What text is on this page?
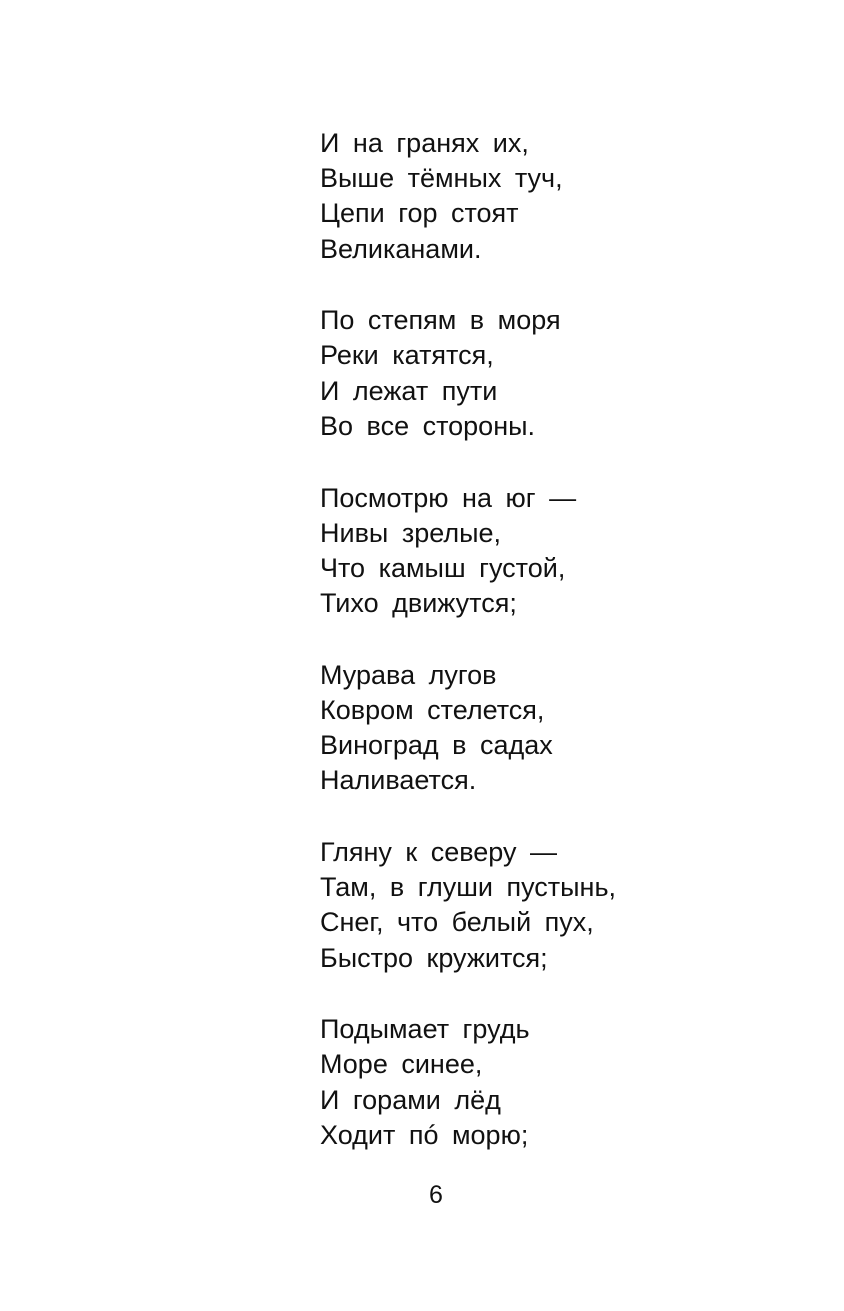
И на гранях их,
Выше тёмных туч,
Цепи гор стоят
Великанами.
По степям в моря
Реки катятся,
И лежат пути
Во все стороны.
Посмотрю на юг —
Нивы зрелые,
Что камыш густой,
Тихо движутся;
Мурава лугов
Ковром стелется,
Виноград в садах
Наливается.
Гляну к северу —
Там, в глуши пустынь,
Снег, что белый пух,
Быстро кружится;
Подымает грудь
Море синее,
И горами лёд
Ходит пó морю;
6
